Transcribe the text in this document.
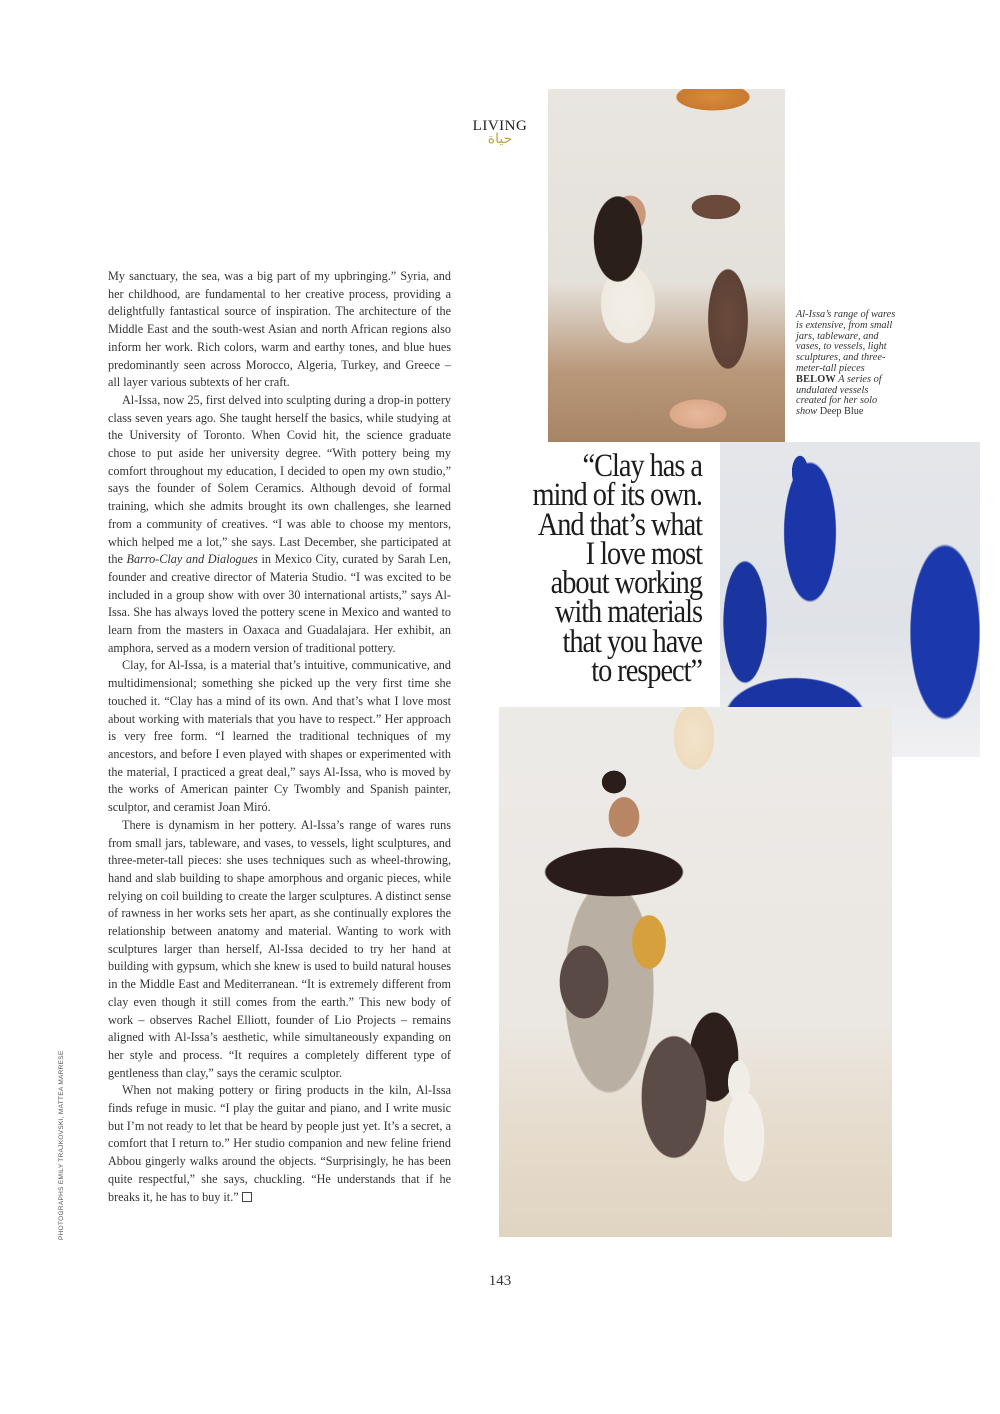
LIVING
حياة

My sanctuary, the sea, was a big part of my upbringing.” Syria, and her childhood, are fundamental to her creative process, providing a delightfully fantastical source of inspiration. The architecture of the Middle East and the south-west Asian and north African regions also inform her work. Rich colors, warm and earthy tones, and blue hues predominantly seen across Morocco, Algeria, Turkey, and Greece – all layer various subtexts of her craft.

Al-Issa, now 25, first delved into sculpting during a drop-in pottery class seven years ago. She taught herself the basics, while studying at the University of Toronto. When Covid hit, the science graduate chose to put aside her university degree. “With pottery being my comfort throughout my education, I decided to open my own studio,” says the founder of Solem Ceramics. Although devoid of formal training, which she admits brought its own challenges, she learned from a community of creatives. “I was able to choose my mentors, which helped me a lot,” she says. Last December, she participated at the Barro-Clay and Dialogues in Mexico City, curated by Sarah Len, founder and creative director of Materia Studio. “I was excited to be included in a group show with over 30 international artists,” says Al-Issa. She has always loved the pottery scene in Mexico and wanted to learn from the masters in Oaxaca and Guadalajara. Her exhibit, an amphora, served as a modern version of traditional pottery.

Clay, for Al-Issa, is a material that’s intuitive, communicative, and multidimensional; something she picked up the very first time she touched it. “Clay has a mind of its own. And that’s what I love most about working with materials that you have to respect.” Her approach is very free form. “I learned the traditional techniques of my ancestors, and before I even played with shapes or experimented with the material, I practiced a great deal,” says Al-Issa, who is moved by the works of American painter Cy Twombly and Spanish painter, sculptor, and ceramist Joan Miró.

There is dynamism in her pottery. Al-Issa’s range of wares runs from small jars, tableware, and vases, to vessels, light sculptures, and three-meter-tall pieces: she uses techniques such as wheel-throwing, hand and slab building to shape amorphous and organic pieces, while relying on coil building to create the larger sculptures. A distinct sense of rawness in her works sets her apart, as she continually explores the relationship between anatomy and material. Wanting to work with sculptures larger than herself, Al-Issa decided to try her hand at building with gypsum, which she knew is used to build natural houses in the Middle East and Mediterranean. “It is extremely different from clay even though it still comes from the earth.” This new body of work – observes Rachel Elliott, founder of Lio Projects – remains aligned with Al-Issa’s aesthetic, while simultaneously expanding on her style and process. “It requires a completely different type of gentleness than clay,” says the ceramic sculptor.

When not making pottery or firing products in the kiln, Al-Issa finds refuge in music. “I play the guitar and piano, and I write music but I’m not ready to let that be heard by people just yet. It’s a secret, a comfort that I return to.” Her studio companion and new feline friend Abbou gingerly walks around the objects. “Surprisingly, he has been quite respectful,” she says, chuckling. “He understands that if he breaks it, he has to buy it.”

PHOTOGRAPHS EMILY TRAJKOVSKI, MATTEA MARRESE
Al-Issa’s range of wares is extensive, from small jars, tableware, and vases, to vessels, light sculptures, and three-meter-tall pieces BELOW A series of undulated vessels created for her solo show Deep Blue
“Clay has a
mind of its own.
And that’s what
I love most
about working
with materials
that you have
to respect”
143
